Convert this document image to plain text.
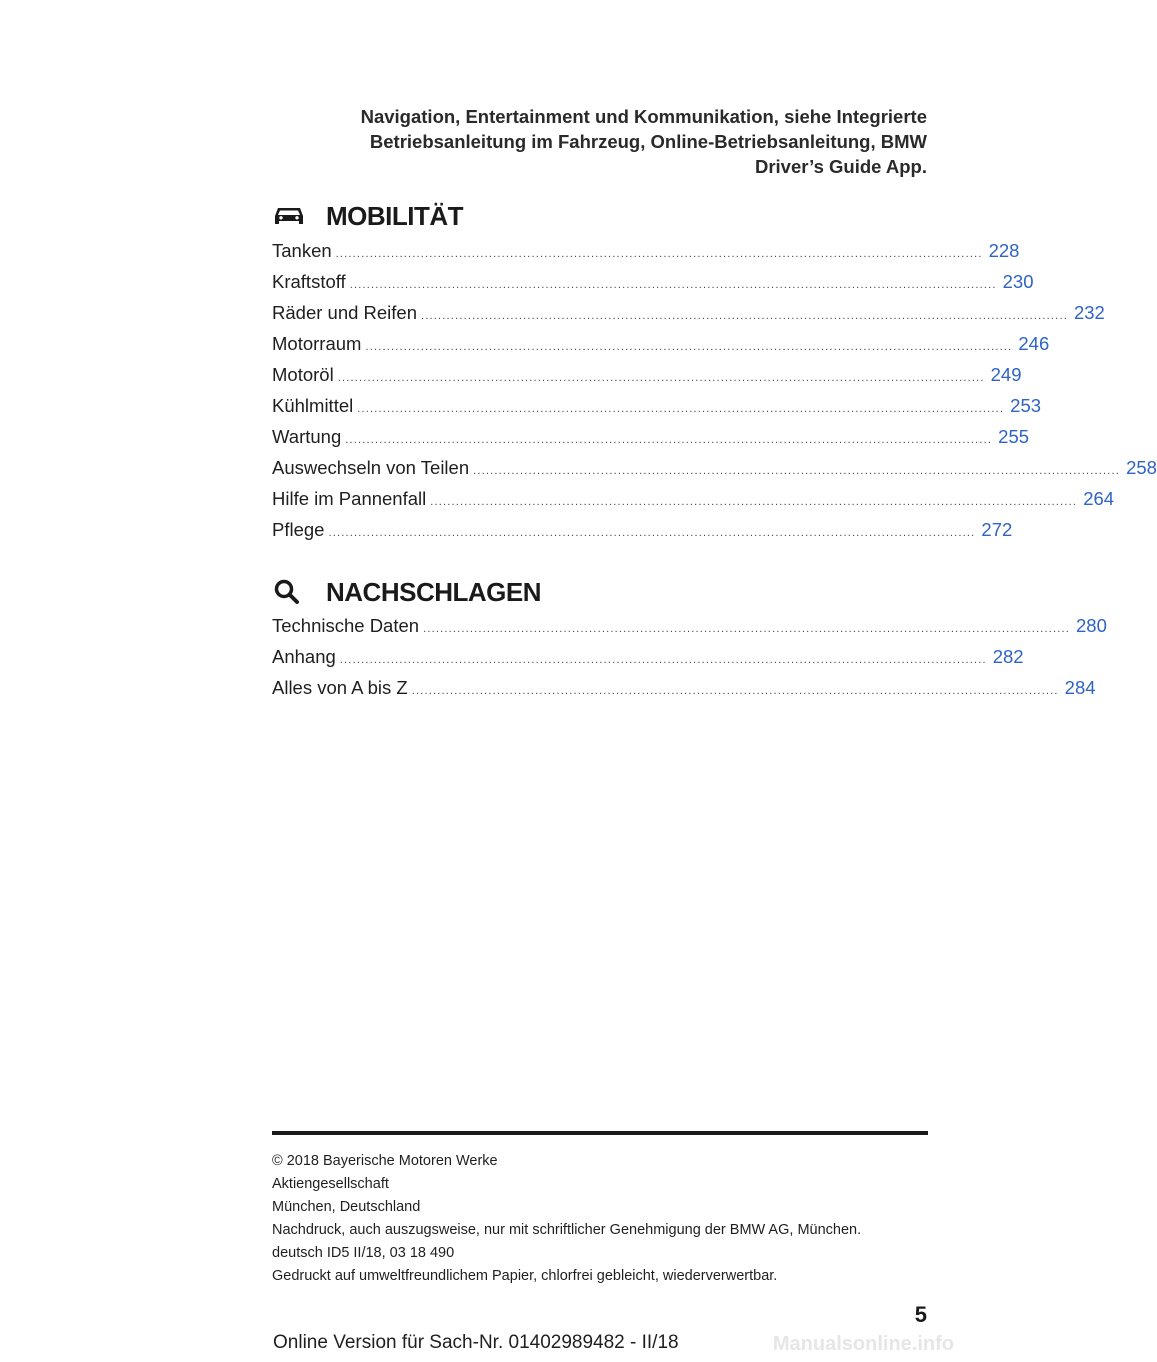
Navigation, Entertainment und Kommunikation, siehe Integrierte
Betriebsanleitung im Fahrzeug, Online-Betriebsanleitung, BMW
Driver’s Guide App.
MOBILITÄT
Tanken ........................................................................................................................................................ 228
Kraftstoff ........................................................................................................................................................ 230
Räder und Reifen ........................................................................................................................................................ 232
Motorraum ........................................................................................................................................................ 246
Motoröl ........................................................................................................................................................ 249
Kühlmittel ........................................................................................................................................................ 253
Wartung ........................................................................................................................................................ 255
Auswechseln von Teilen ........................................................................................................................................................ 258
Hilfe im Pannenfall ........................................................................................................................................................ 264
Pflege ........................................................................................................................................................ 272
NACHSCHLAGEN
Technische Daten ........................................................................................................................................................ 280
Anhang ........................................................................................................................................................ 282
Alles von A bis Z ........................................................................................................................................................ 284
© 2018 Bayerische Motoren Werke
Aktiengesellschaft
München, Deutschland
Nachdruck, auch auszugsweise, nur mit schriftlicher Genehmigung der BMW AG, München.
deutsch ID5 II/18, 03 18 490
Gedruckt auf umweltfreundlichem Papier, chlorfrei gebleicht, wiederverwertbar.
5
Online Version für Sach-Nr. 01402989482 - II/18	Manualsonline.info
